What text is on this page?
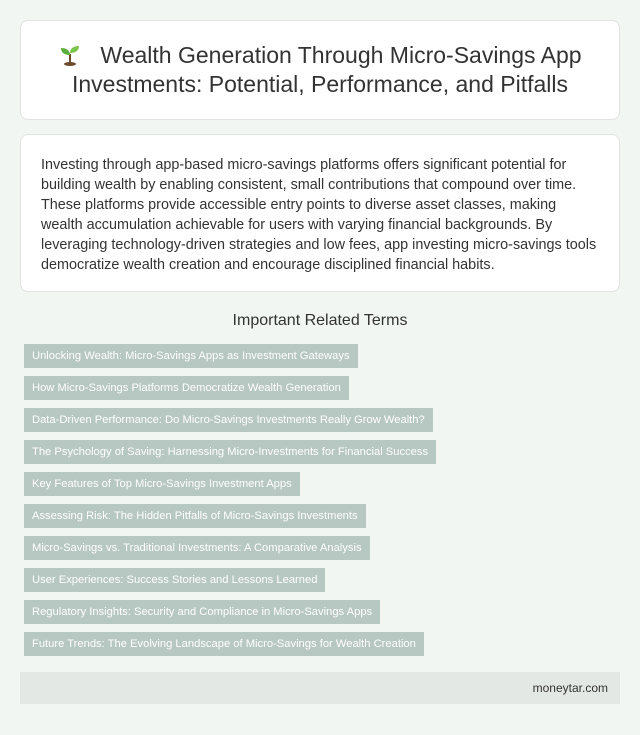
Wealth Generation Through Micro-Savings App Investments: Potential, Performance, and Pitfalls

Investing through app-based micro-savings platforms offers significant potential for building wealth by enabling consistent, small contributions that compound over time. These platforms provide accessible entry points to diverse asset classes, making wealth accumulation achievable for users with varying financial backgrounds. By leveraging technology-driven strategies and low fees, app investing micro-savings tools democratize wealth creation and encourage disciplined financial habits.

Important Related Terms
Unlocking Wealth: Micro-Savings Apps as Investment Gateways
How Micro-Savings Platforms Democratize Wealth Generation
Data-Driven Performance: Do Micro-Savings Investments Really Grow Wealth?
The Psychology of Saving: Harnessing Micro-Investments for Financial Success
Key Features of Top Micro-Savings Investment Apps
Assessing Risk: The Hidden Pitfalls of Micro-Savings Investments
Micro-Savings vs. Traditional Investments: A Comparative Analysis
User Experiences: Success Stories and Lessons Learned
Regulatory Insights: Security and Compliance in Micro-Savings Apps
Future Trends: The Evolving Landscape of Micro-Savings for Wealth Creation
moneytar.com
